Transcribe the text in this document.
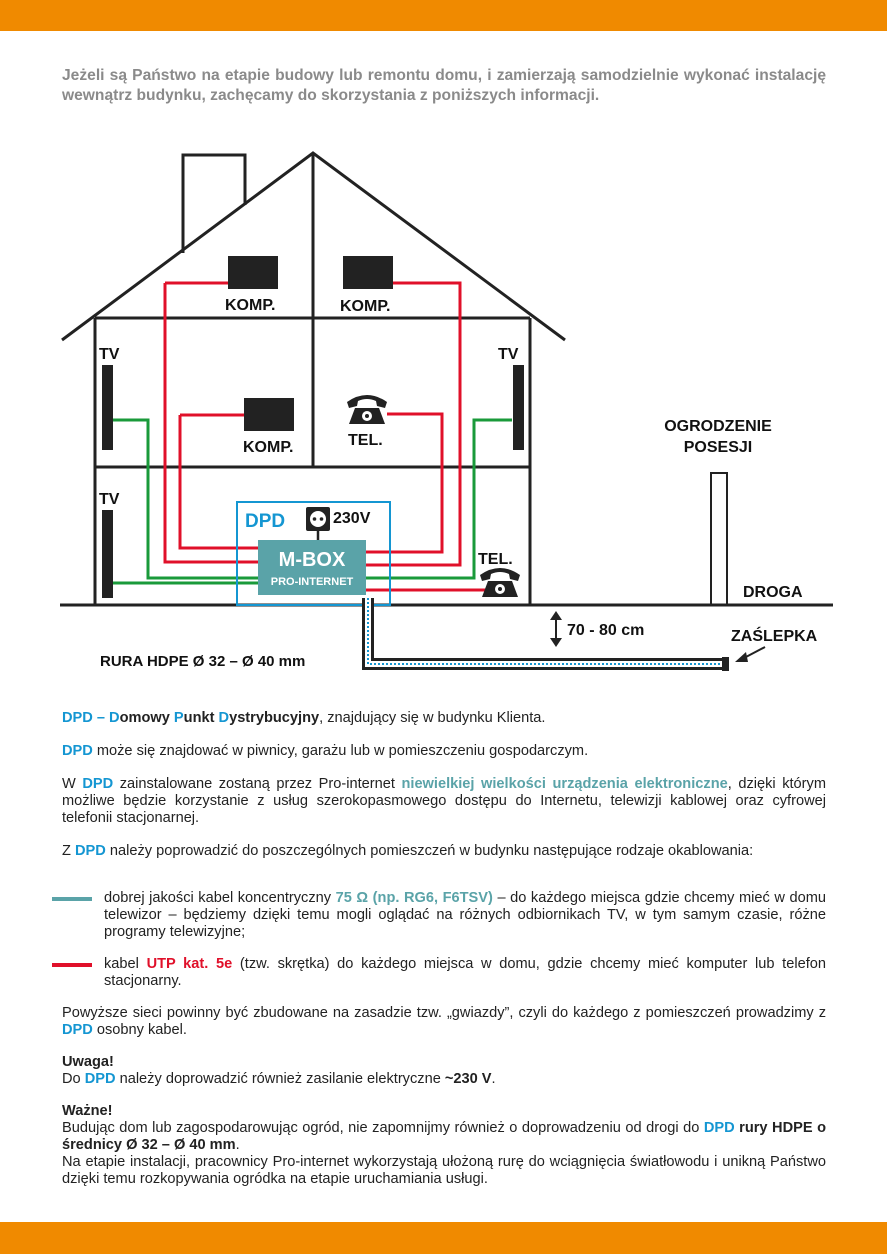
Jeżeli są Państwo na etapie budowy lub remontu domu, i zamierzają samodzielnie wykonać instalację wewnątrz budynku, zachęcamy do skorzystania z poniższych informacji.
KOMP.	KOMP.
KOMP.	TEL.
TEL.
TV	TV
TV
DPD	230V
M-BOX
PRO-INTERNET
OGRODZENIE
POSESJI
DROGA
70 - 80 cm	ZAŚLEPKA
RURA HDPE Ø 32 – Ø 40 mm
DPD – Domowy Punkt Dystrybucyjny, znajdujący się w budynku Klienta.
DPD może się znajdować w piwnicy, garażu lub w pomieszczeniu gospodarczym.
W DPD zainstalowane zostaną przez Pro-internet niewielkiej wielkości urządzenia elektroniczne, dzięki którym możliwe będzie korzystanie z usług szerokopasmowego dostępu do Internetu, telewizji kablowej oraz cyfrowej telefonii stacjonarnej.
Z DPD należy poprowadzić do poszczególnych pomieszczeń w budynku następujące rodzaje okablowania:
dobrej jakości kabel koncentryczny 75 Ω (np. RG6, F6TSV) – do każdego miejsca gdzie chcemy mieć w domu telewizor – będziemy dzięki temu mogli oglądać na różnych odbiornikach TV, w tym samym czasie, różne programy telewizyjne;
kabel UTP kat. 5e (tzw. skrętka) do każdego miejsca w domu, gdzie chcemy mieć komputer lub telefon stacjonarny.
Powyższe sieci powinny być zbudowane na zasadzie tzw. „gwiazdy”, czyli do każdego z pomieszczeń prowadzimy z DPD osobny kabel.
Uwaga!
Do DPD należy doprowadzić również zasilanie elektryczne ~230 V.
Ważne!
Budując dom lub zagospodarowując ogród, nie zapomnijmy również o doprowadzeniu od drogi do DPD rury HDPE o średnicy Ø 32 – Ø 40 mm.
Na etapie instalacji, pracownicy Pro-internet wykorzystają ułożoną rurę do wciągnięcia światłowodu i unikną Państwo dzięki temu rozkopywania ogródka na etapie uruchamiania usługi.
